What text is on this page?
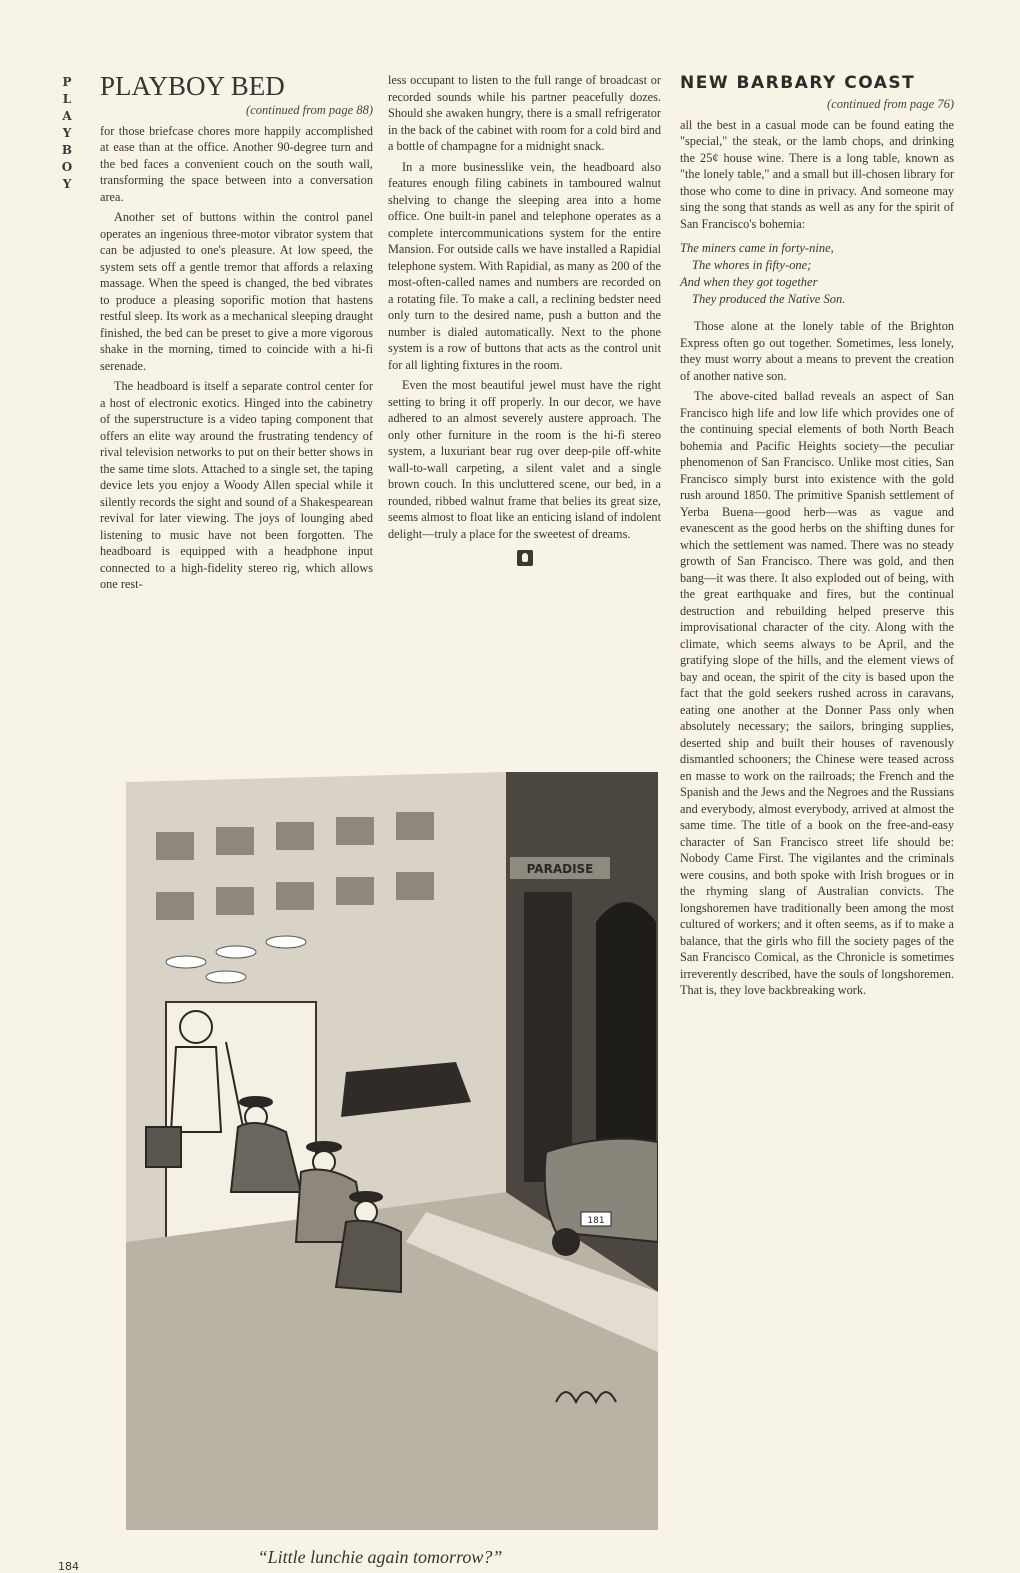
PLAYBOY
PLAYBOY BED
(continued from page 88)

for those briefcase chores more happily accomplished at ease than at the office. Another 90-degree turn and the bed faces a convenient couch on the south wall, transforming the space between into a conversation area.

Another set of buttons within the control panel operates an ingenious three-motor vibrator system that can be adjusted to one's pleasure. At low speed, the system sets off a gentle tremor that affords a relaxing massage. When the speed is changed, the bed vibrates to produce a pleasing soporific motion that hastens restful sleep. Its work as a mechanical sleeping draught finished, the bed can be preset to give a more vigorous shake in the morning, timed to coincide with a hi-fi serenade.

The headboard is itself a separate control center for a host of electronic exotics. Hinged into the cabinetry of the superstructure is a video taping component that offers an elite way around the frustrating tendency of rival television networks to put on their better shows in the same time slots. Attached to a single set, the taping device lets you enjoy a Woody Allen special while it silently records the sight and sound of a Shakespearean revival for later viewing. The joys of lounging abed listening to music have not been forgotten. The headboard is equipped with a headphone input connected to a high-fidelity stereo rig, which allows one rest-

less occupant to listen to the full range of broadcast or recorded sounds while his partner peacefully dozes. Should she awaken hungry, there is a small refrigerator in the back of the cabinet with room for a cold bird and a bottle of champagne for a midnight snack.

In a more businesslike vein, the headboard also features enough filing cabinets in tamboured walnut shelving to change the sleeping area into a home office. One built-in panel and telephone operates as a complete intercommunications system for the entire Mansion. For outside calls we have installed a Rapidial telephone system. With Rapidial, as many as 200 of the most-often-called names and numbers are recorded on a rotating file. To make a call, a reclining bedster need only turn to the desired name, push a button and the number is dialed automatically. Next to the phone system is a row of buttons that acts as the control unit for all lighting fixtures in the room.

Even the most beautiful jewel must have the right setting to bring it off properly. In our decor, we have adhered to an almost severely austere approach. The only other furniture in the room is the hi-fi stereo system, a luxuriant bear rug over deep-pile off-white wall-to-wall carpeting, a silent valet and a single brown couch. In this uncluttered scene, our bed, in a rounded, ribbed walnut frame that belies its great size, seems almost to float like an enticing island of indolent delight—truly a place for the sweetest of dreams.

NEW BARBARY COAST
(continued from page 76)

all the best in a casual mode can be found eating the "special," the steak, or the lamb chops, and drinking the 25¢ house wine. There is a long table, known as "the lonely table," and a small but ill-chosen library for those who come to dine in privacy. And someone may sing the song that stands as well as any for the spirit of San Francisco's bohemia:

The miners came in forty-nine,
The whores in fifty-one;
And when they got together
They produced the Native Son.

Those alone at the lonely table of the Brighton Express often go out together. Sometimes, less lonely, they must worry about a means to prevent the creation of another native son.

The above-cited ballad reveals an aspect of San Francisco high life and low life which provides one of the continuing special elements of both North Beach bohemia and Pacific Heights society—the peculiar phenomenon of San Francisco. Unlike most cities, San Francisco simply burst into existence with the gold rush around 1850. The primitive Spanish settlement of Yerba Buena—good herb—was as vague and evanescent as the good herbs on the shifting dunes for which the settlement was named. There was no steady growth of San Francisco. There was gold, and then bang—it was there. It also exploded out of being, with the great earthquake and fires, but the continual destruction and rebuilding helped preserve this improvisational character of the city. Along with the climate, which seems always to be April, and the gratifying slope of the hills, and the element views of bay and ocean, the spirit of the city is based upon the fact that the gold seekers rushed across in caravans, eating one another at the Donner Pass only when absolutely necessary; the sailors, bringing supplies, deserted ship and built their houses of ravenously dismantled schooners; the Chinese were teased across en masse to work on the railroads; the French and the Spanish and the Jews and the Negroes and the Russians and everybody, almost everybody, arrived at almost the same time. The title of a book on the free-and-easy character of San Francisco street life should be: Nobody Came First. The vigilantes and the criminals were cousins, and both spoke with Irish brogues or in the rhyming slang of Australian convicts. The longshoremen have traditionally been among the most cultured of workers; and it often seems, as if to make a balance, that the girls who fill the society pages of the San Francisco Comical, as the Chronicle is sometimes irreverently described, have the souls of longshoremen. That is, they love backbreaking work.

PARADISE
181
“Little lunchie again tomorrow?”
184
